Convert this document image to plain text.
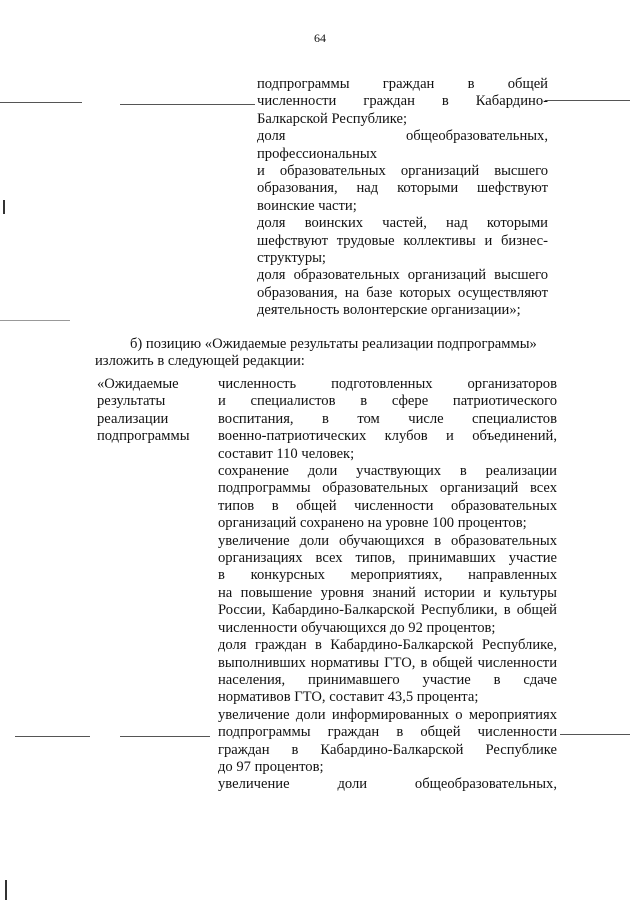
64
подпрограммы граждан в общей
численности граждан в Кабардино-
Балкарской Республике;
доля общеобразовательных,
профессиональных
и образовательных организаций высшего
образования, над которыми шефствуют
воинские части;
доля воинских частей, над которыми
шефствуют трудовые коллективы и бизнес-
структуры;
доля образовательных организаций высшего
образования, на базе которых осуществляют
деятельность волонтерские организации»;
б) позицию «Ожидаемые результаты реализации подпрограммы»
изложить в следующей редакции:
«Ожидаемые
результаты
реализации
подпрограммы
численность подготовленных организаторов
и специалистов в сфере патриотического
воспитания, в том числе специалистов
военно-патриотических клубов и объединений,
составит 110 человек;
сохранение доли участвующих в реализации
подпрограммы образовательных организаций всех
типов в общей численности образовательных
организаций сохранено на уровне 100 процентов;
увеличение доли обучающихся в образовательных
организациях всех типов, принимавших участие
в конкурсных мероприятиях, направленных
на повышение уровня знаний истории и культуры
России, Кабардино-Балкарской Республики, в общей
численности обучающихся до 92 процентов;
доля граждан в Кабардино-Балкарской Республике,
выполнивших нормативы ГТО, в общей численности
населения, принимавшего участие в сдаче
нормативов ГТО, составит 43,5 процента;
увеличение доли информированных о мероприятиях
подпрограммы граждан в общей численности
граждан в Кабардино-Балкарской Республике
до 97 процентов;
увеличение доли общеобразовательных,
